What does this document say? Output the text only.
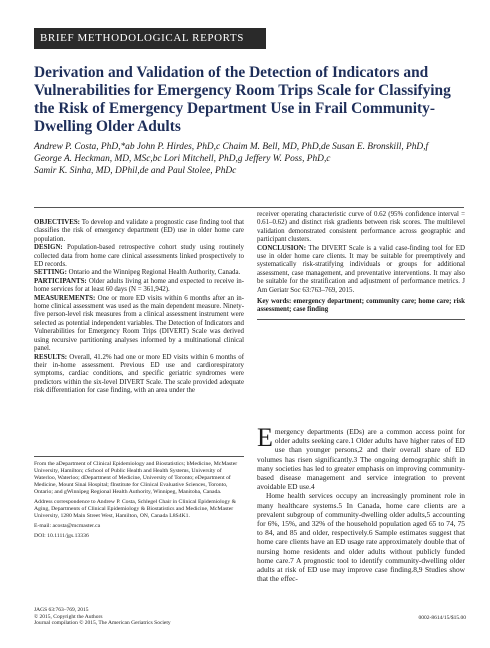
BRIEF METHODOLOGICAL REPORTS
Derivation and Validation of the Detection of Indicators and
Vulnerabilities for Emergency Room Trips Scale for Classifying
the Risk of Emergency Department Use in Frail Community-
Dwelling Older Adults
Andrew P. Costa, PhD,*ab John P. Hirdes, PhD,c Chaim M. Bell, MD, PhD,de Susan E. Bronskill, PhD,f
George A. Heckman, MD, MSc,bc Lori Mitchell, PhD,g Jeffery W. Poss, PhD,c
Samir K. Sinha, MD, DPhil,de and Paul Stolee, PhDc

OBJECTIVES: To develop and validate a prognostic case finding tool that classifies the risk of emergency department (ED) use in older home care population.

DESIGN: Population-based retrospective cohort study using routinely collected data from home care clinical assessments linked prospectively to ED records.

SETTING: Ontario and the Winnipeg Regional Health Authority, Canada.

PARTICIPANTS: Older adults living at home and expected to receive in-home services for at least 60 days (N = 361,942).

MEASUREMENTS: One or more ED visits within 6 months after an in-home clinical assessment was used as the main dependent measure. Ninety-five person-level risk measures from a clinical assessment instrument were selected as potential independent variables. The Detection of Indicators and Vulnerabilities for Emergency Room Trips (DIVERT) Scale was derived using recursive partitioning analyses informed by a multinational clinical panel.

RESULTS: Overall, 41.2% had one or more ED visits within 6 months of their in-home assessment. Previous ED use and cardiorespiratory symptoms, cardiac conditions, and specific geriatric syndromes were predictors within the six-level DIVERT Scale. The scale provided adequate risk differentiation for case finding, with an area under the

receiver operating characteristic curve of 0.62 (95% confidence interval = 0.61–0.62) and distinct risk gradients between risk scores. The multilevel validation demonstrated consistent performance across geographic and participant clusters.

CONCLUSION: The DIVERT Scale is a valid case-finding tool for ED use in older home care clients. It may be suitable for preemptively and systematically risk-stratifying individuals or groups for additional assessment, case management, and preventative interventions. It may also be suitable for the stratification and adjustment of performance metrics. J Am Geriatr Soc 63:763–769, 2015.

Key words: emergency department; community care; home care; risk assessment; case finding

Emergency departments (EDs) are a common access point for older adults seeking care.1 Older adults have higher rates of ED use than younger persons,2 and their overall share of ED volumes has risen significantly.3 The ongoing demographic shift in many societies has led to greater emphasis on improving community-based disease management and service integration to prevent avoidable ED use.4

Home health services occupy an increasingly prominent role in many healthcare systems.5 In Canada, home care clients are a prevalent subgroup of community-dwelling older adults,5 accounting for 6%, 15%, and 32% of the household population aged 65 to 74, 75 to 84, and 85 and older, respectively.6 Sample estimates suggest that home care clients have an ED usage rate approximately double that of nursing home residents and older adults without publicly funded home care.7 A prognostic tool to identify community-dwelling older adults at risk of ED use may improve case finding.8,9 Studies show that the effec-

From the aDepartment of Clinical Epidemiology and Biostatistics; bMedicine, McMaster University, Hamilton; cSchool of Public Health and Health Systems, University of Waterloo, Waterloo; dDepartment of Medicine, University of Toronto; eDepartment of Medicine, Mount Sinai Hospital; fInstitute for Clinical Evaluative Sciences, Toronto, Ontario; and gWinnipeg Regional Health Authority, Winnipeg, Manitoba, Canada.

Address correspondence to Andrew P. Costa, Schlegel Chair in Clinical Epidemiology & Aging, Departments of Clinical Epidemiology & Biostatistics and Medicine, McMaster University, 1280 Main Street West, Hamilton, ON, Canada L8S4K1.

E-mail: acosta@mcmaster.ca

DOI: 10.1111/jgs.13336

JAGS 63:763–769, 2015
© 2015, Copyright the Authors
Journal compilation © 2015, The American Geriatrics Society
0002-8614/15/$15.00
